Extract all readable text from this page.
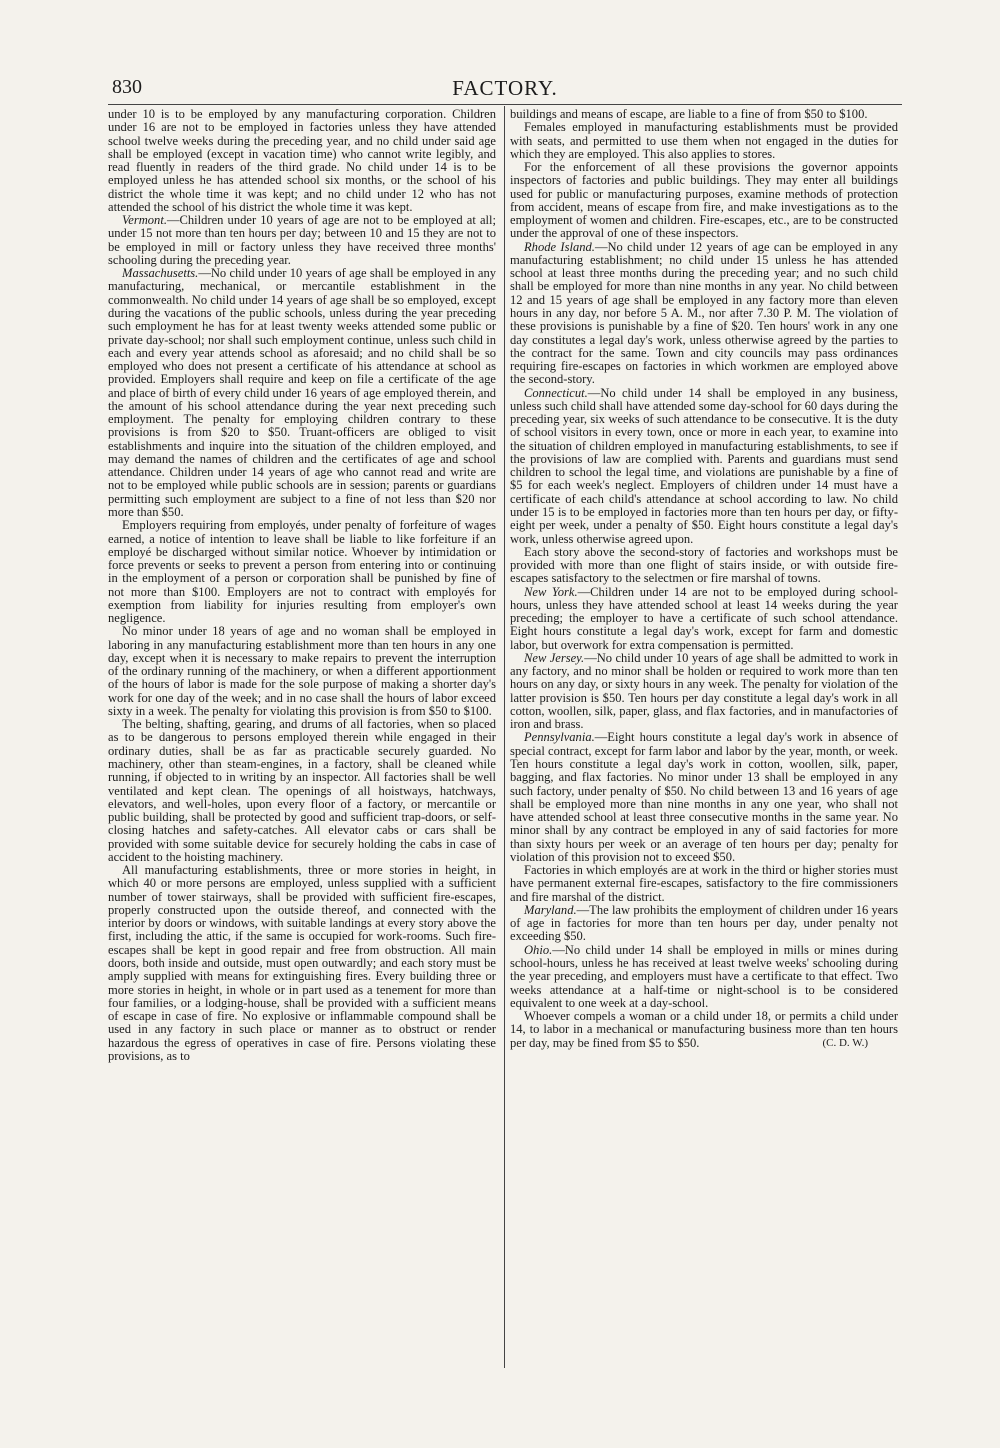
830	FACTORY.

under 10 is to be employed by any manufacturing corporation. Children under 16 are not to be employed in factories unless they have attended school twelve weeks during the preceding year, and no child under said age shall be employed (except in vacation time) who cannot write legibly, and read fluently in readers of the third grade. No child under 14 is to be employed unless he has attended school six months, or the school of his district the whole time it was kept; and no child under 12 who has not attended the school of his district the whole time it was kept.

Vermont.—Children under 10 years of age are not to be employed at all; under 15 not more than ten hours per day; between 10 and 15 they are not to be employed in mill or factory unless they have received three months' schooling during the preceding year.

Massachusetts.—No child under 10 years of age shall be employed in any manufacturing, mechanical, or mercantile establishment in the commonwealth. No child under 14 years of age shall be so employed, except during the vacations of the public schools, unless during the year preceding such employment he has for at least twenty weeks attended some public or private day-school; nor shall such employment continue, unless such child in each and every year attends school as aforesaid; and no child shall be so employed who does not present a certificate of his attendance at school as provided. Employers shall require and keep on file a certificate of the age and place of birth of every child under 16 years of age employed therein, and the amount of his school attendance during the year next preceding such employment. The penalty for employing children contrary to these provisions is from $20 to $50. Truant-officers are obliged to visit establishments and inquire into the situation of the children employed, and may demand the names of children and the certificates of age and school attendance. Children under 14 years of age who cannot read and write are not to be employed while public schools are in session; parents or guardians permitting such employment are subject to a fine of not less than $20 nor more than $50.

Employers requiring from employés, under penalty of forfeiture of wages earned, a notice of intention to leave shall be liable to like forfeiture if an employé be discharged without similar notice. Whoever by intimidation or force prevents or seeks to prevent a person from entering into or continuing in the employment of a person or corporation shall be punished by fine of not more than $100. Employers are not to contract with employés for exemption from liability for injuries resulting from employer's own negligence.

No minor under 18 years of age and no woman shall be employed in laboring in any manufacturing establishment more than ten hours in any one day, except when it is necessary to make repairs to prevent the interruption of the ordinary running of the machinery, or when a different apportionment of the hours of labor is made for the sole purpose of making a shorter day's work for one day of the week; and in no case shall the hours of labor exceed sixty in a week. The penalty for violating this provision is from $50 to $100.

The belting, shafting, gearing, and drums of all factories, when so placed as to be dangerous to persons employed therein while engaged in their ordinary duties, shall be as far as practicable securely guarded. No machinery, other than steam-engines, in a factory, shall be cleaned while running, if objected to in writing by an inspector. All factories shall be well ventilated and kept clean. The openings of all hoistways, hatchways, elevators, and well-holes, upon every floor of a factory, or mercantile or public building, shall be protected by good and sufficient trap-doors, or self-closing hatches and safety-catches. All elevator cabs or cars shall be provided with some suitable device for securely holding the cabs in case of accident to the hoisting machinery.

All manufacturing establishments, three or more stories in height, in which 40 or more persons are employed, unless supplied with a sufficient number of tower stairways, shall be provided with sufficient fire-escapes, properly constructed upon the outside thereof, and connected with the interior by doors or windows, with suitable landings at every story above the first, including the attic, if the same is occupied for work-rooms. Such fire-escapes shall be kept in good repair and free from obstruction. All main doors, both inside and outside, must open outwardly; and each story must be amply supplied with means for extinguishing fires. Every building three or more stories in height, in whole or in part used as a tenement for more than four families, or a lodging-house, shall be provided with a sufficient means of escape in case of fire. No explosive or inflammable compound shall be used in any factory in such place or manner as to obstruct or render hazardous the egress of operatives in case of fire. Persons violating these provisions, as to

buildings and means of escape, are liable to a fine of from $50 to $100.

Females employed in manufacturing establishments must be provided with seats, and permitted to use them when not engaged in the duties for which they are employed. This also applies to stores.

For the enforcement of all these provisions the governor appoints inspectors of factories and public buildings. They may enter all buildings used for public or manufacturing purposes, examine methods of protection from accident, means of escape from fire, and make investigations as to the employment of women and children. Fire-escapes, etc., are to be constructed under the approval of one of these inspectors.

Rhode Island.—No child under 12 years of age can be employed in any manufacturing establishment; no child under 15 unless he has attended school at least three months during the preceding year; and no such child shall be employed for more than nine months in any year. No child between 12 and 15 years of age shall be employed in any factory more than eleven hours in any day, nor before 5 A. M., nor after 7.30 P. M. The violation of these provisions is punishable by a fine of $20. Ten hours' work in any one day constitutes a legal day's work, unless otherwise agreed by the parties to the contract for the same. Town and city councils may pass ordinances requiring fire-escapes on factories in which workmen are employed above the second-story.

Connecticut.—No child under 14 shall be employed in any business, unless such child shall have attended some day-school for 60 days during the preceding year, six weeks of such attendance to be consecutive. It is the duty of school visitors in every town, once or more in each year, to examine into the situation of children employed in manufacturing establishments, to see if the provisions of law are complied with. Parents and guardians must send children to school the legal time, and violations are punishable by a fine of $5 for each week's neglect. Employers of children under 14 must have a certificate of each child's attendance at school according to law. No child under 15 is to be employed in factories more than ten hours per day, or fifty-eight per week, under a penalty of $50. Eight hours constitute a legal day's work, unless otherwise agreed upon.

Each story above the second-story of factories and workshops must be provided with more than one flight of stairs inside, or with outside fire-escapes satisfactory to the selectmen or fire marshal of towns.

New York.—Children under 14 are not to be employed during school-hours, unless they have attended school at least 14 weeks during the year preceding; the employer to have a certificate of such school attendance. Eight hours constitute a legal day's work, except for farm and domestic labor, but overwork for extra compensation is permitted.

New Jersey.—No child under 10 years of age shall be admitted to work in any factory, and no minor shall be holden or required to work more than ten hours on any day, or sixty hours in any week. The penalty for violation of the latter provision is $50. Ten hours per day constitute a legal day's work in all cotton, woollen, silk, paper, glass, and flax factories, and in manufactories of iron and brass.

Pennsylvania.—Eight hours constitute a legal day's work in absence of special contract, except for farm labor and labor by the year, month, or week. Ten hours constitute a legal day's work in cotton, woollen, silk, paper, bagging, and flax factories. No minor under 13 shall be employed in any such factory, under penalty of $50. No child between 13 and 16 years of age shall be employed more than nine months in any one year, who shall not have attended school at least three consecutive months in the same year. No minor shall by any contract be employed in any of said factories for more than sixty hours per week or an average of ten hours per day; penalty for violation of this provision not to exceed $50.

Factories in which employés are at work in the third or higher stories must have permanent external fire-escapes, satisfactory to the fire commissioners and fire marshal of the district.

Maryland.—The law prohibits the employment of children under 16 years of age in factories for more than ten hours per day, under penalty not exceeding $50.

Ohio.—No child under 14 shall be employed in mills or mines during school-hours, unless he has received at least twelve weeks' schooling during the year preceding, and employers must have a certificate to that effect. Two weeks attendance at a half-time or night-school is to be considered equivalent to one week at a day-school.

Whoever compels a woman or a child under 18, or permits a child under 14, to labor in a mechanical or manufacturing business more than ten hours per day, may be fined from $5 to $50.	(C. D. W.)
